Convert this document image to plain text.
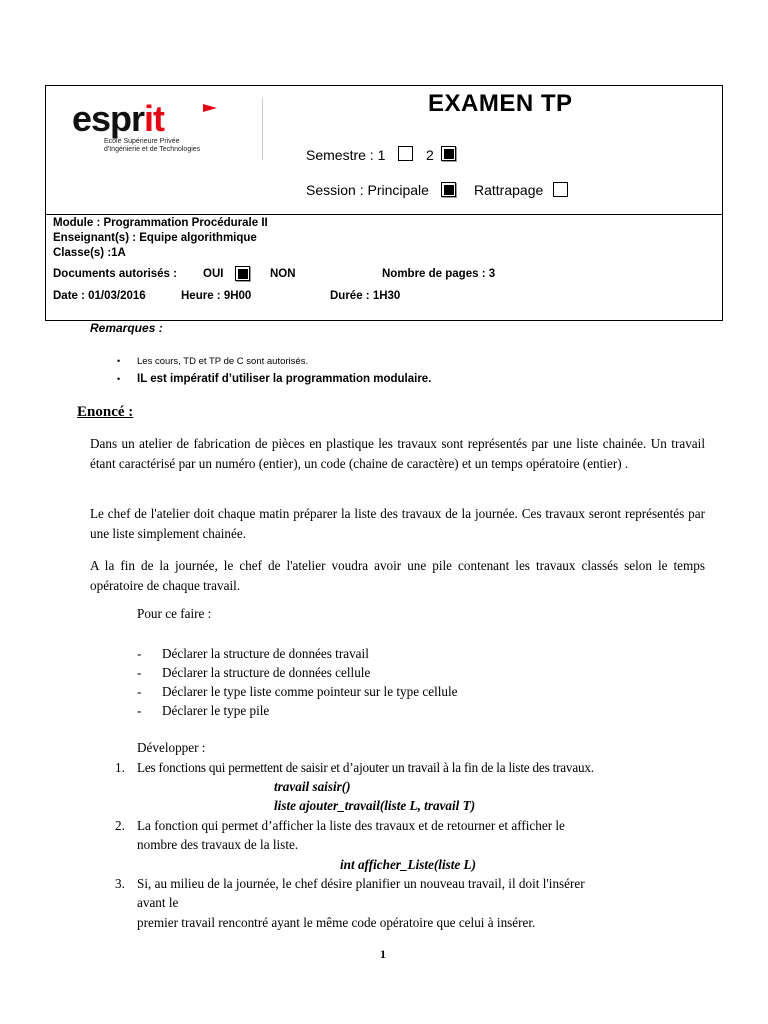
esprit
Ecole Supérieure Privée
d'Ingénierie et de Technologies
EXAMEN TP
Semestre : 1	2
Session : Principale	Rattrapage
Module : Programmation Procédurale II
Enseignant(s) : Equipe algorithmique
Classe(s) :1A
Documents autorisés : OUI	NON	Nombre de pages : 3
Date : 01/03/2016	Heure : 9H00	Durée : 1H30
Remarques :
• Les cours, TD et TP de C sont autorisés.
• IL est impératif d’utiliser la programmation modulaire.
Enoncé :
Dans un atelier de fabrication de pièces en plastique les travaux sont représentés par une liste chainée. Un travail étant caractérisé par un numéro (entier), un code (chaine de caractère) et un temps opératoire (entier) .
Le chef de l'atelier doit chaque matin préparer la liste des travaux de la journée. Ces travaux seront représentés par une liste simplement chainée.
A la fin de la journée, le chef de l'atelier voudra avoir une pile contenant les travaux classés selon le temps opératoire de chaque travail.
Pour ce faire :
- Déclarer la structure de données travail
- Déclarer la structure de données cellule
- Déclarer le type liste comme pointeur sur le type cellule
- Déclarer le type pile
Développer :
1. Les fonctions qui permettent de saisir et d’ajouter un travail à la fin de la liste des travaux.
travail saisir()
liste ajouter_travail(liste L, travail T)
2. La fonction qui permet d’afficher la liste des travaux et de retourner et afficher le
nombre des travaux de la liste.
int afficher_Liste(liste L)
3. Si, au milieu de la journée, le chef désire planifier un nouveau travail, il doit l'insérer
avant le
premier travail rencontré ayant le même code opératoire que celui à insérer.
1
